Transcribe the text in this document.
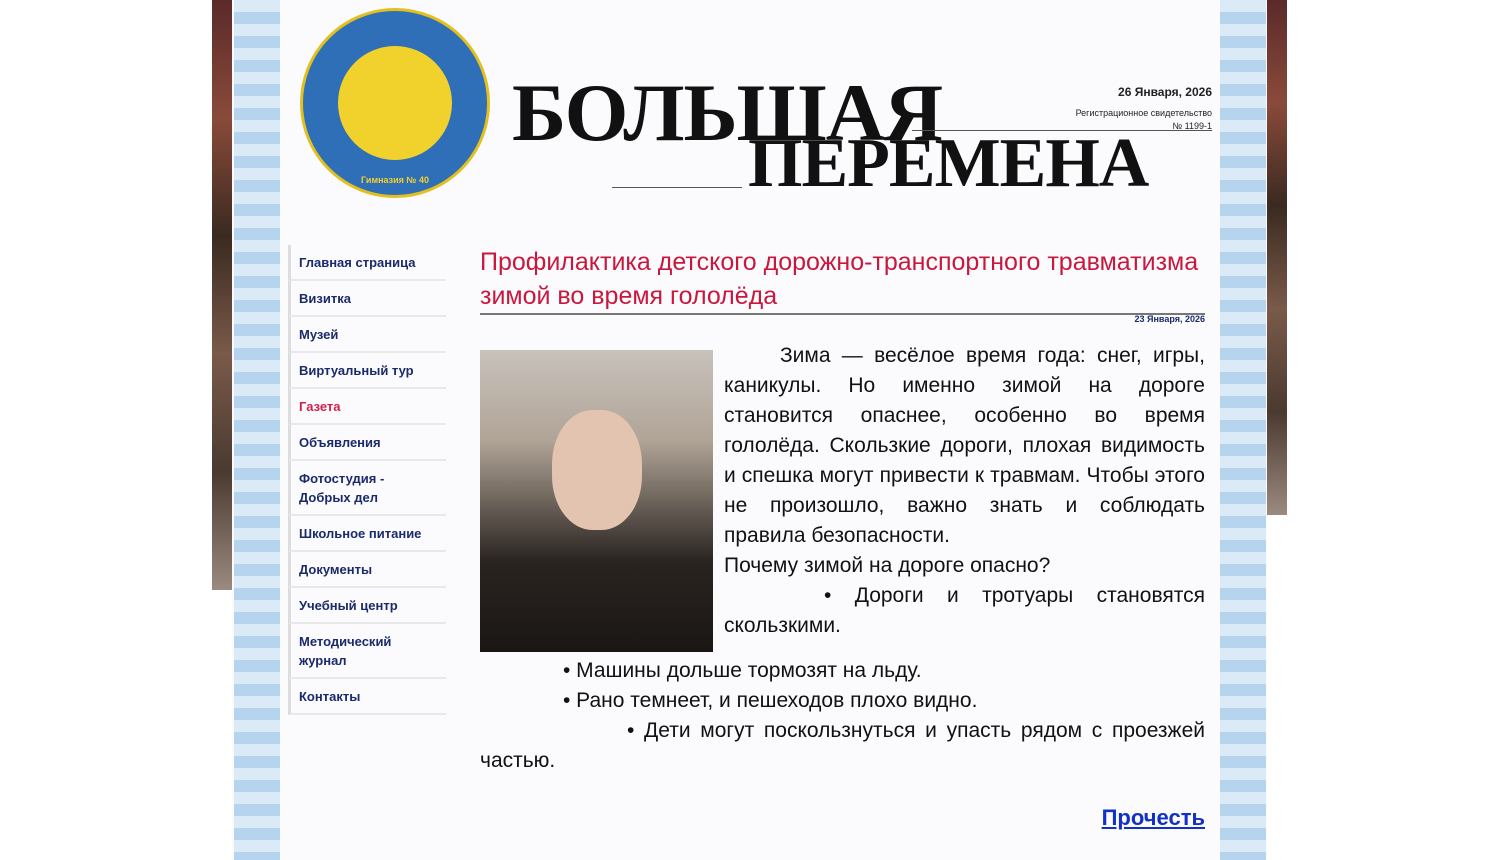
Гимназия № 40
БОЛЬШАЯ
ПЕРЕМЕНА
26 Января, 2026
Регистрационное свидетельство
№ 1199-1
Главная страница
Визитка
Музей
Виртуальный тур
Газета
Объявления
Фотостудия - Добрых дел
Школьное питание
Документы
Учебный центр
Методический журнал
Контакты
Профилактика детского дорожно-транспортного травматизма зимой во время гололёда
23 Января, 2026

Зима — весёлое время года: снег, игры, каникулы. Но именно зимой на дороге становится опаснее, особенно во время гололёда. Скользкие дороги, плохая видимость и спешка могут привести к травмам. Чтобы этого не произошло, важно знать и соблюдать правила безопасности.

Почему зимой на дороге опасно?

• Дороги и тротуары становятся скользкими.

• Машины дольше тормозят на льду.

• Рано темнеет, и пешеходов плохо видно.

• Дети могут поскользнуться и упасть рядом с проезжей частью.

Прочесть
